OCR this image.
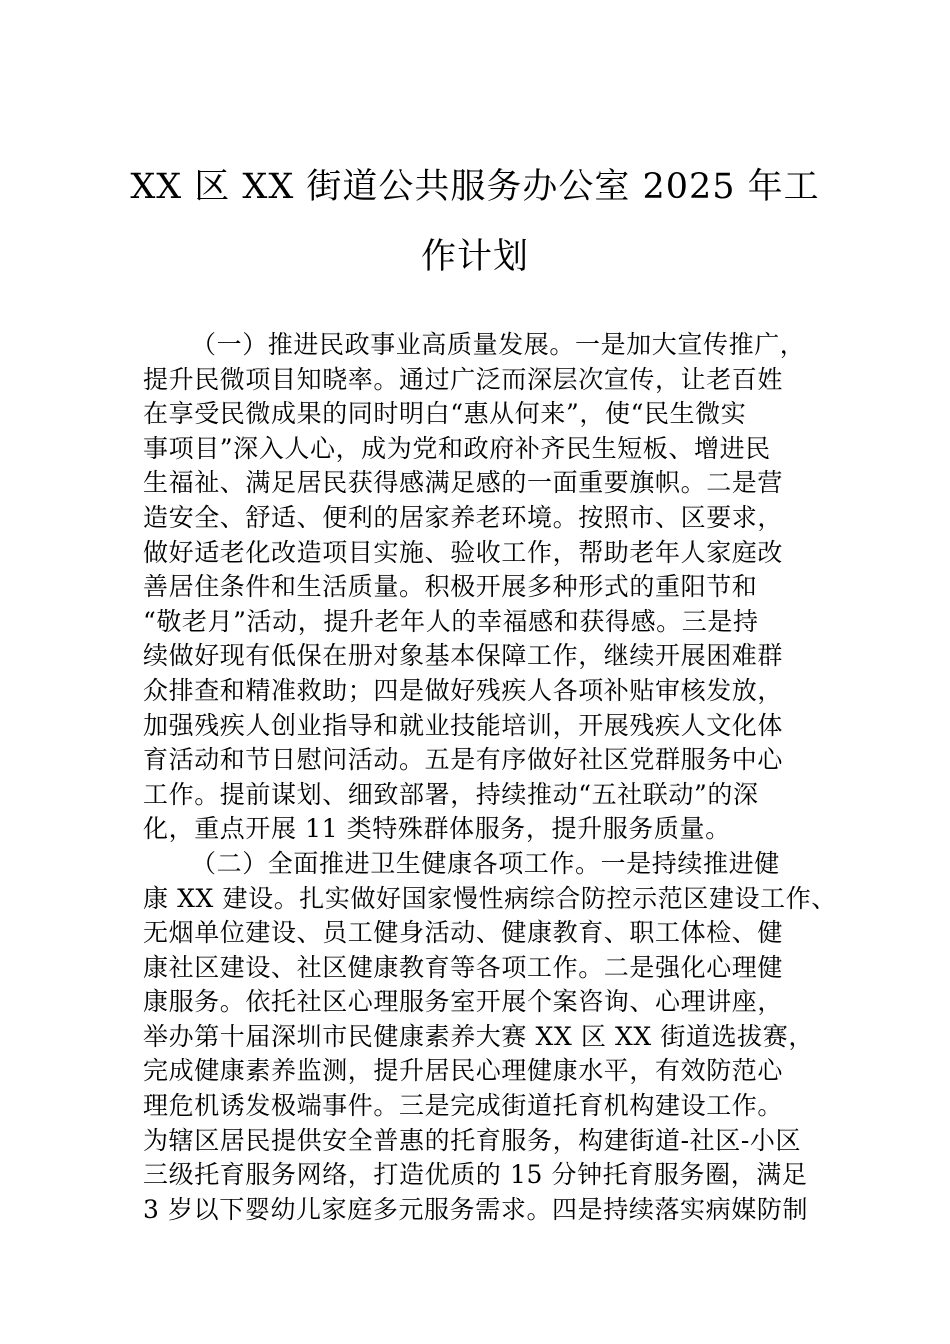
XX 区 XX 街道公共服务办公室 2025 年工
作计划
（一）推进民政事业高质量发展。一是加大宣传推广，
提升民微项目知晓率。通过广泛而深层次宣传，让老百姓
在享受民微成果的同时明白“惠从何来”，使“民生微实
事项目”深入人心，成为党和政府补齐民生短板、增进民
生福祉、满足居民获得感满足感的一面重要旗帜。二是营
造安全、舒适、便利的居家养老环境。按照市、区要求，
做好适老化改造项目实施、验收工作，帮助老年人家庭改
善居住条件和生活质量。积极开展多种形式的重阳节和
“敬老月”活动，提升老年人的幸福感和获得感。三是持
续做好现有低保在册对象基本保障工作，继续开展困难群
众排查和精准救助；四是做好残疾人各项补贴审核发放，
加强残疾人创业指导和就业技能培训，开展残疾人文化体
育活动和节日慰问活动。五是有序做好社区党群服务中心
工作。提前谋划、细致部署，持续推动“五社联动”的深
化，重点开展 11 类特殊群体服务，提升服务质量。
（二）全面推进卫生健康各项工作。一是持续推进健
康 XX 建设。扎实做好国家慢性病综合防控示范区建设工作、
无烟单位建设、员工健身活动、健康教育、职工体检、健
康社区建设、社区健康教育等各项工作。二是强化心理健
康服务。依托社区心理服务室开展个案咨询、心理讲座，
举办第十届深圳市民健康素养大赛 XX 区 XX 街道选拔赛，
完成健康素养监测，提升居民心理健康水平，有效防范心
理危机诱发极端事件。三是完成街道托育机构建设工作。
为辖区居民提供安全普惠的托育服务，构建街道-社区-小区
三级托育服务网络，打造优质的 15 分钟托育服务圈，满足
3 岁以下婴幼儿家庭多元服务需求。四是持续落实病媒防制
